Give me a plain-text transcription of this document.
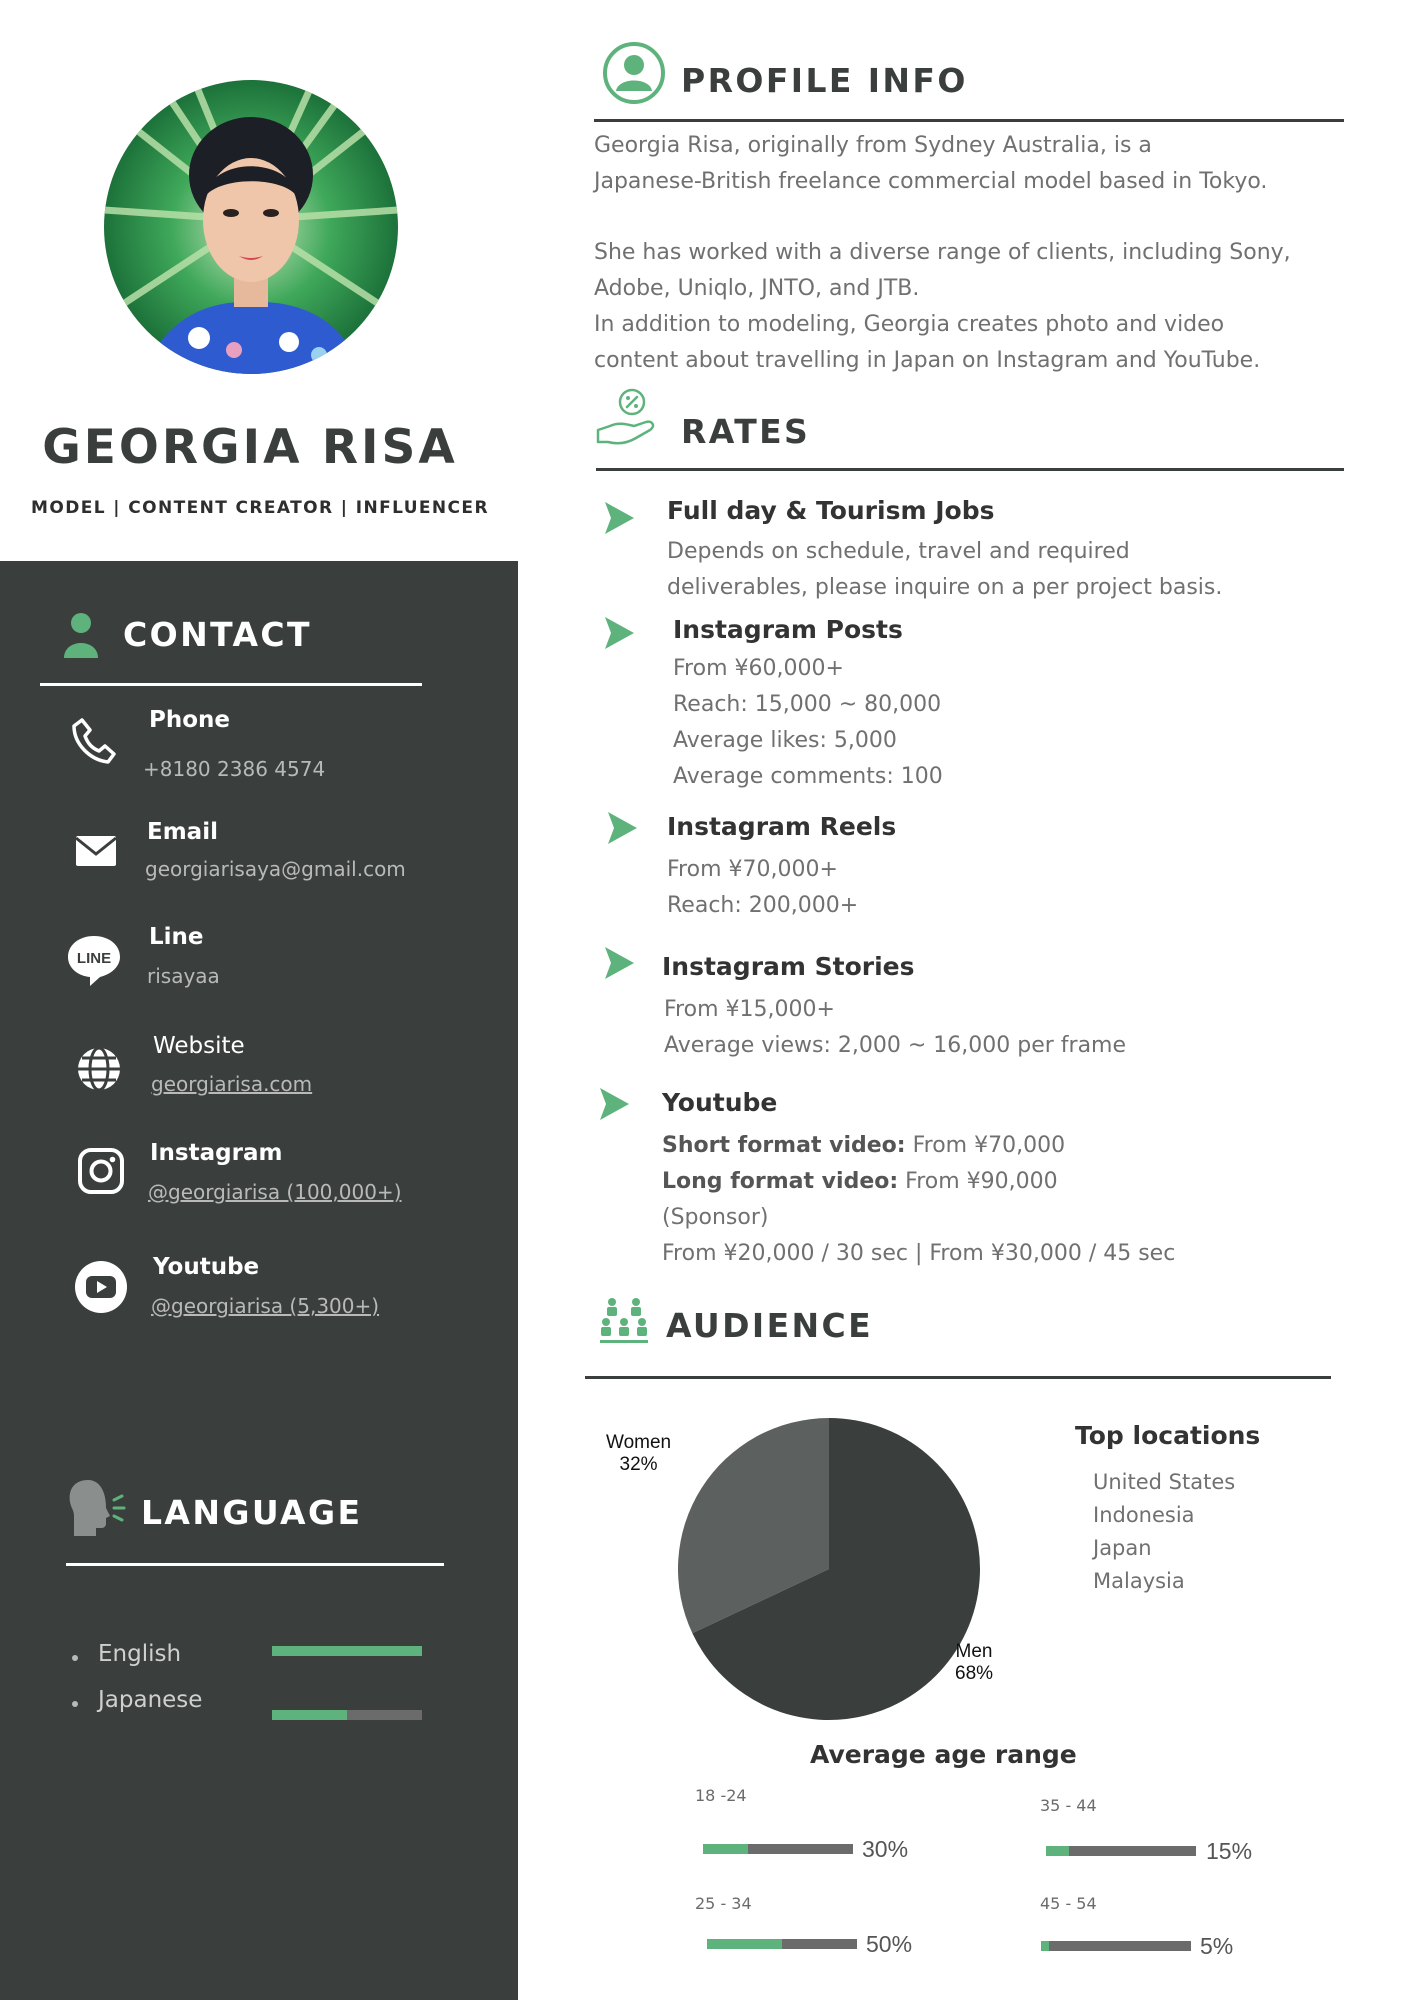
GEORGIA RISA
MODEL | CONTENT CREATOR | INFLUENCER
CONTACT
Phone
+8180 2386 4574
Email
georgiarisaya@gmail.com
LINE
Line
risayaa
Website
georgiarisa.com
Instagram
@georgiarisa (100,000+)
Youtube
@georgiarisa (5,300+)
LANGUAGE
English
Japanese
PROFILE INFO
Georgia Risa, originally from Sydney Australia, is a
Japanese-British freelance commercial model based in Tokyo.
She has worked with a diverse range of clients, including Sony,
Adobe, Uniqlo, JNTO, and JTB.
In addition to modeling, Georgia creates photo and video
content about travelling in Japan on Instagram and YouTube.
RATES
Full day & Tourism Jobs
Depends on schedule, travel and required
deliverables, please inquire on a per project basis.
Instagram Posts
From ¥60,000+
Reach: 15,000 ~ 80,000
Average likes: 5,000
Average comments: 100
Instagram Reels
From ¥70,000+
Reach: 200,000+
Instagram Stories
From ¥15,000+
Average views: 2,000 ~ 16,000 per frame
Youtube
Short format video: From ¥70,000
Long format video: From ¥90,000
(Sponsor)
From ¥20,000 / 30 sec | From ¥30,000 / 45 sec
AUDIENCE
Women
32%
Men
68%
Top locations
United States
Indonesia
Japan
Malaysia
Average age range
18 -24
30%
35 - 44
15%
25 - 34
50%
45 - 54
5%
